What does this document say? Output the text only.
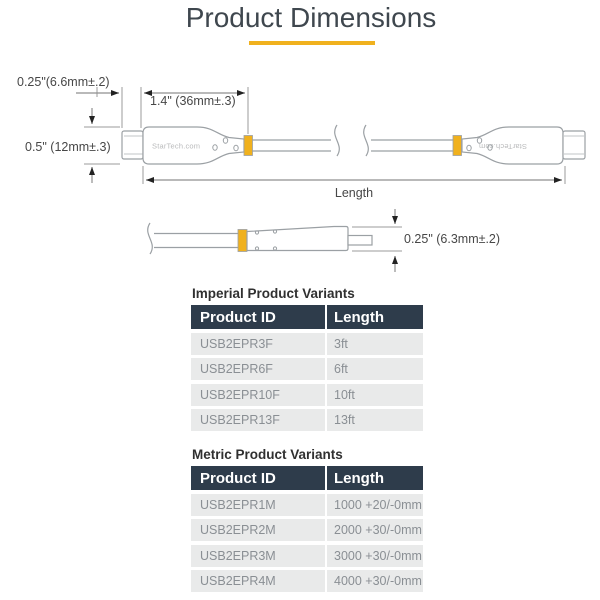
Product Dimensions
StarTech.com	StarTech.com
0.25"(6.6mm±.2)
1.4" (36mm±.3)
0.5" (12mm±.3)
Length
0.25" (6.3mm±.2)
Imperial Product Variants
Product ID	Length
USB2EPR3F	3ft
USB2EPR6F	6ft
USB2EPR10F	10ft
USB2EPR13F	13ft
Metric Product Variants
Product ID	Length
USB2EPR1M	1000 +20/-0mm
USB2EPR2M	2000 +30/-0mm
USB2EPR3M	3000 +30/-0mm
USB2EPR4M	4000 +30/-0mm
